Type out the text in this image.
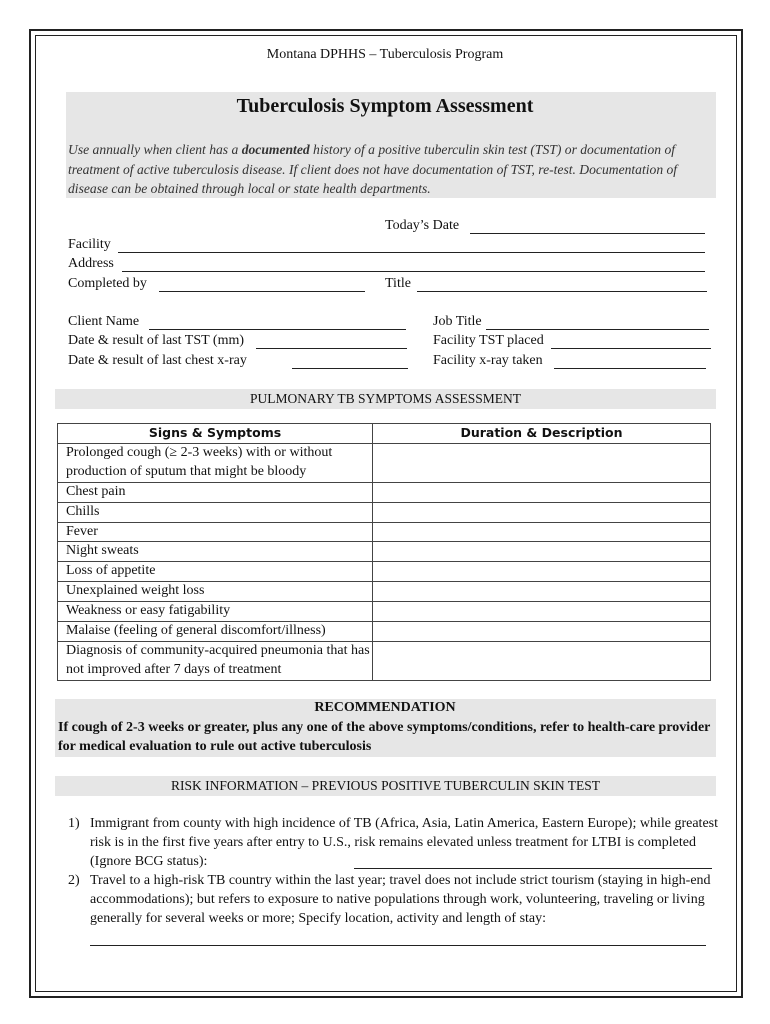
Montana DPHHS – Tuberculosis Program
Tuberculosis Symptom Assessment
Use annually when client has a documented history of a positive tuberculin skin test (TST) or documentation of treatment of active tuberculosis disease. If client does not have documentation of TST, re-test. Documentation of disease can be obtained through local or state health departments.
Today’s Date
Facility
Address
Completed by	Title
Client Name	Job Title
Date & result of last TST (mm)	Facility TST placed
Date & result of last chest x-ray	Facility x-ray taken
PULMONARY TB SYMPTOMS ASSESSMENT
Signs & Symptoms	Duration & Description
Prolonged cough (≥ 2-3 weeks) with or without production of sputum that might be bloody	
Chest pain	
Chills	
Fever	
Night sweats	
Loss of appetite	
Unexplained weight loss	
Weakness or easy fatigability	
Malaise (feeling of general discomfort/illness)	
Diagnosis of community-acquired pneumonia that has not improved after 7 days of treatment	
RECOMMENDATION
If cough of 2-3 weeks or greater, plus any one of the above symptoms/conditions, refer to health-care provider for medical evaluation to rule out active tuberculosis
RISK INFORMATION – PREVIOUS POSITIVE TUBERCULIN SKIN TEST
1) Immigrant from county with high incidence of TB (Africa, Asia, Latin America, Eastern Europe); while greatest risk is in the first five years after entry to U.S., risk remains elevated unless treatment for LTBI is completed (Ignore BCG status):
2) Travel to a high-risk TB country within the last year; travel does not include strict tourism (staying in high-end accommodations); but refers to exposure to native populations through work, volunteering, traveling or living generally for several weeks or more; Specify location, activity and length of stay:
